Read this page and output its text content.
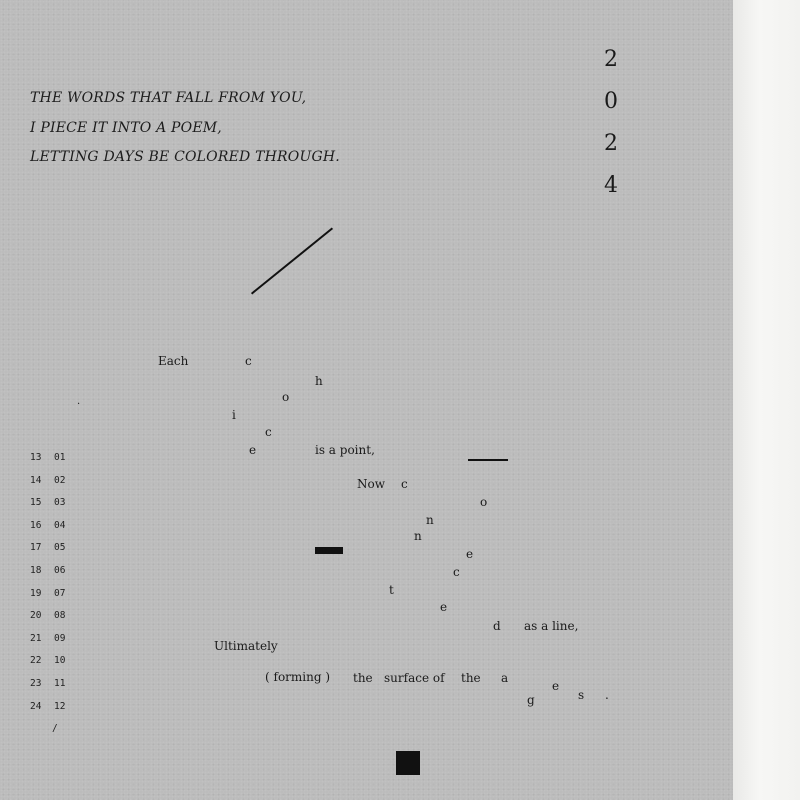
THE WORDS THAT FALL FROM YOU,
I PIECE IT INTO A POEM,
LETTING DAYS BE COLORED THROUGH.
2
0
2
4
Each	c
h
o
i
c
e
.
is a point,
Now c
o
n
n
e
c
t
e
d as a line,
Ultimately
( forming ) the surface of the a
g
e
s .
13 01
14 02
15 03
16 04
17 05
18 06
19 07
20 08
21 09
22 10
23 11
24 12
/
